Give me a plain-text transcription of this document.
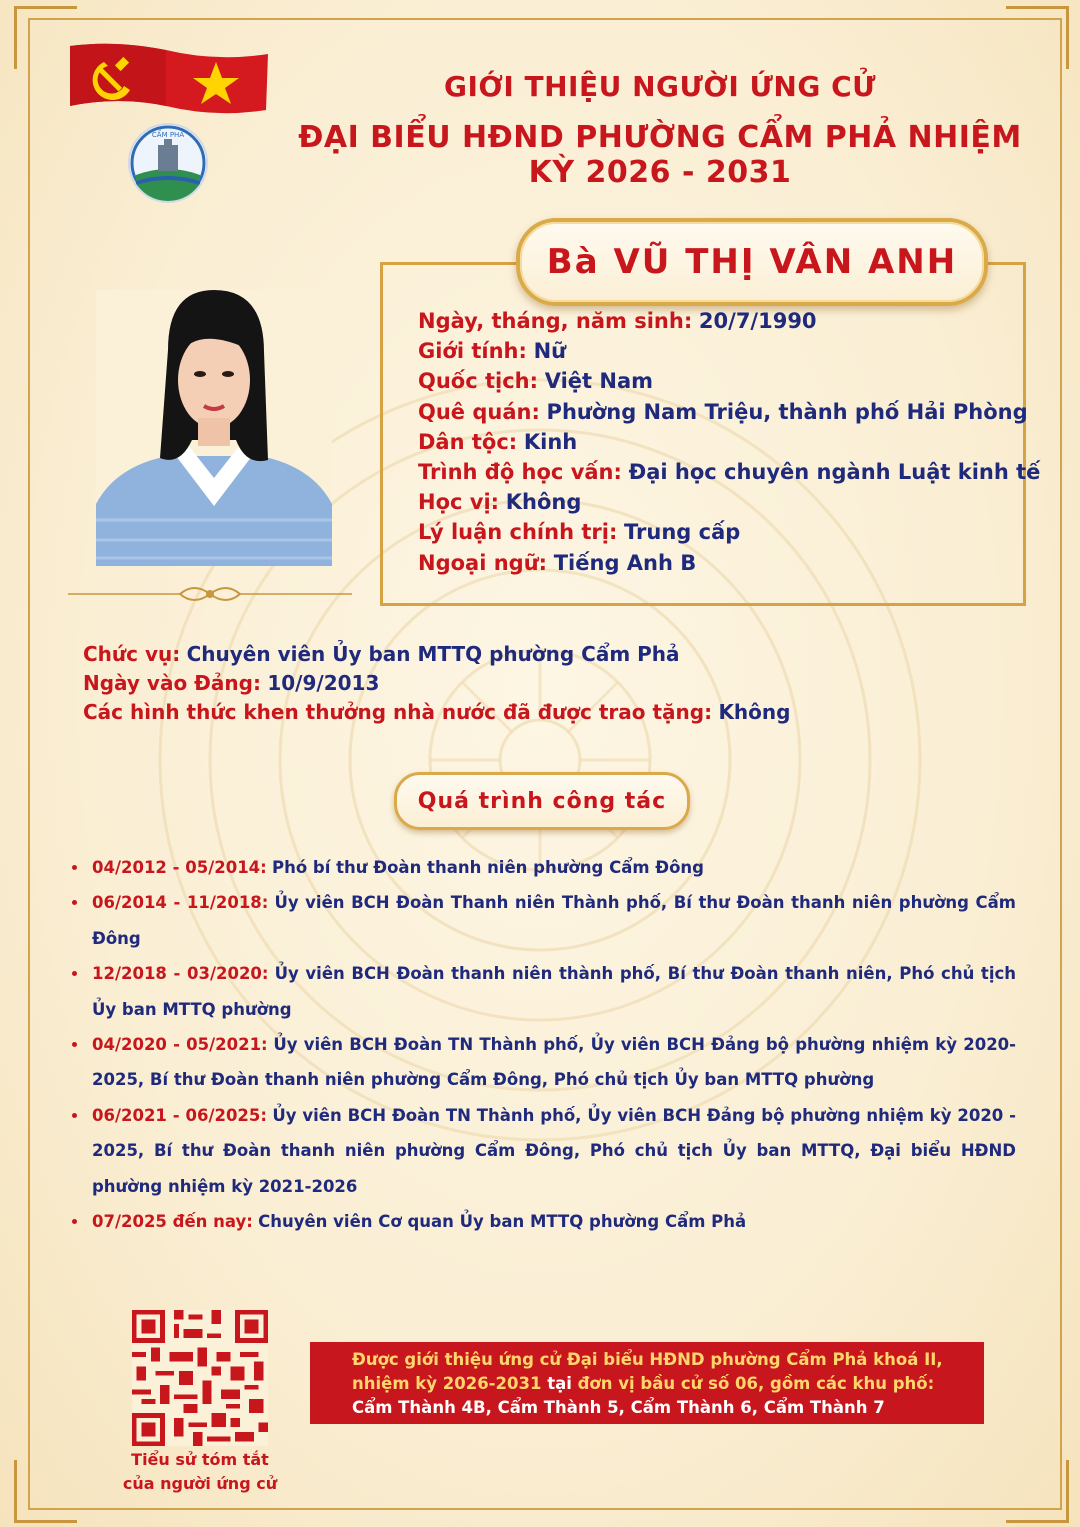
CẨM PHẢ
GIỚI THIỆU NGƯỜI ỨNG CỬ
ĐẠI BIỂU HĐND PHƯỜNG CẨM PHẢ NHIỆM KỲ 2026 - 2031
Bà VŨ THỊ VÂN ANH
Ngày, tháng, năm sinh: 20/7/1990
Giới tính: Nữ
Quốc tịch: Việt Nam
Quê quán: Phường Nam Triệu, thành phố Hải Phòng
Dân tộc: Kinh
Trình độ học vấn: Đại học chuyên ngành Luật kinh tế
Học vị: Không
Lý luận chính trị: Trung cấp
Ngoại ngữ: Tiếng Anh B
Chức vụ: Chuyên viên Ủy ban MTTQ phường Cẩm Phả
Ngày vào Đảng: 10/9/2013
Các hình thức khen thưởng nhà nước đã được trao tặng: Không
Quá trình công tác
04/2012 - 05/2014: Phó bí thư Đoàn thanh niên phường Cẩm Đông
06/2014 - 11/2018: Ủy viên BCH Đoàn Thanh niên Thành phố, Bí thư Đoàn thanh niên phường Cẩm Đông
12/2018 - 03/2020: Ủy viên BCH Đoàn thanh niên thành phố, Bí thư Đoàn thanh niên, Phó chủ tịch Ủy ban MTTQ phường
04/2020 - 05/2021: Ủy viên BCH Đoàn TN Thành phố, Ủy viên BCH Đảng bộ phường nhiệm kỳ 2020-2025, Bí thư Đoàn thanh niên phường Cẩm Đông, Phó chủ tịch Ủy ban MTTQ phường
06/2021 - 06/2025: Ủy viên BCH Đoàn TN Thành phố, Ủy viên BCH Đảng bộ phường nhiệm kỳ 2020 - 2025, Bí thư Đoàn thanh niên phường Cẩm Đông, Phó chủ tịch Ủy ban MTTQ, Đại biểu HĐND phường nhiệm kỳ 2021-2026
07/2025 đến nay: Chuyên viên Cơ quan Ủy ban MTTQ phường Cẩm Phả
Tiểu sử tóm tắt
của người ứng cử
Được giới thiệu ứng cử Đại biểu HĐND phường Cẩm Phả khoá II,
nhiệm kỳ 2026-2031 tại đơn vị bầu cử số 06, gồm các khu phố:
Cẩm Thành 4B, Cẩm Thành 5, Cẩm Thành 6, Cẩm Thành 7
